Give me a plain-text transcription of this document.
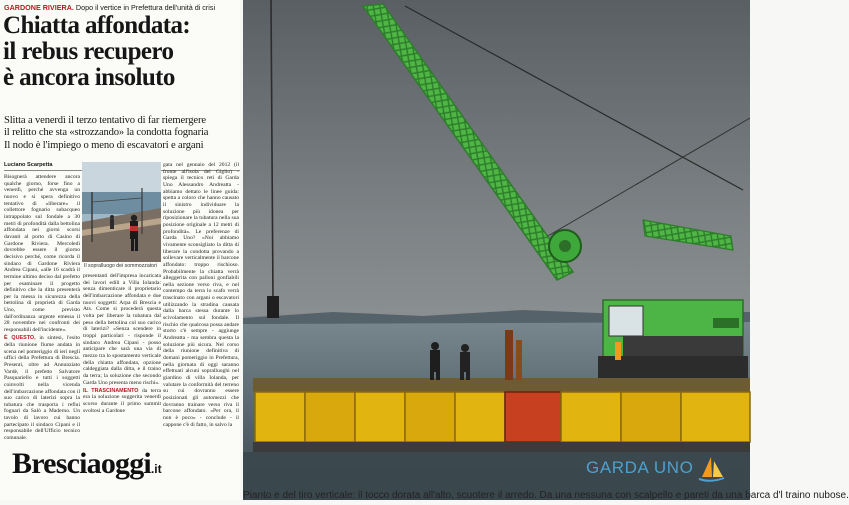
GARDONE RIVIERA. Dopo il vertice in Prefettura dell'unità di crisi
Chiatta affondata:
il rebus recupero
è ancora insoluto
Slitta a venerdì il terzo tentativo di far riemergere
il relitto che sta «strozzando» la condotta fognaria
Il nodo è l'impiego o meno di escavatori e argani
Luciano Scarpetta

Bisognerà attendere ancora qualche giorno, forse fino a venerdì, perché avvenga un nuovo e si spera definitivo tentativo di «liberare» il collettore fognario subacqueo intrappolato sul fondale a 30 metri di profondità dalla bettolina affondata nei giorni scorsi davanti al porto di Casino di Gardone Riviera. Mercoledì dovrebbe essere il giorno decisivo perché, come ricorda il sindaco di Gardone Riviera Andrea Cipani, «alle 16 scadrà il termine ultimo deciso dal prefetto per esaminare il progetto definitivo che la ditta presenterà per la messa in sicurezza della bettolina di proprietà di Garda Uno, come previsto dall'ordinanza urgente emessa il 28 novembre nei confronti dei responsabili dell'incidente».

È QUESTO, in sintesi, l'esito della riunione fiume andata in scena nel pomeriggio di ieri negli uffici della Prefettura di Brescia. Presenti, oltre ad Annunziato Vardè, il prefetto Salvatore Pasquariello e tutti i soggetti coinvolti nella vicenda dell'imbarcazione affondata con il suo carico di laterizi sopra la tubatura che trasporta i reflui fognari da Salò a Maderno. Un tavolo di lavoro cui hanno partecipato il sindaco Cipani e il responsabile dell'Ufficio tecnico comunale.

Il sopralluogo dei sommozzatori

presentanti dell'impresa incaricata dei lavori edili a Villa Iolanda: senza dimenticare il proprietario dell'imbarcazione affondata e due nuovi soggetti: Arpa di Brescia e Ats. Come si procederà questa volta per liberare la tubatura dal peso della bettolina col suo carico di laterizi? «Senza scendere in troppi particolari - risponde il sindaco Andrea Cipani - posso anticipare che sarà una via di mezzo tra lo spostamento verticale della chiatta affondata, opzione caldeggiata dalla ditta, e il traino da terra; la soluzione che secondo Garda Uno presenta meno rischi».

IL TRASCINAMENTO da terra era la soluzione suggerita venerdì scorso durante il primo summit svoltosi a Gardone

gata nel gennaio del 2012 (il fronte all'isola del Giglio) - spiega il tecnico reti di Garda Uno Alessandro Andreatta - abbiamo dettato le linee guida: spetta a coloro che hanno causato il sinistro individuare la soluzione più idonea per riposizionare la tubatura nella sua posizione originale a 12 metri di profondità». Le preferenze di Garda Uno? «Noi abbiamo vivamente sconsigliato la ditta di liberare la condotta provando a sollevare verticalmente il barcone affondato: troppo rischioso. Probabilmente la chiatta verrà alleggerita con palloni gonfiabili nella sezione verso riva, e nel contempo da terra lo scafo verrà trascinato con argani o escavatori utilizzando la stradina causata dalla barca stessa durante lo scivolamento sul fondale. Il rischio che qualcosa possa andare storto c'è sempre - aggiunge Andreatta - ma sembra questa la soluzione più sicura. Nel corso della riunione definitiva di domani pomeriggio in Prefettura, nella giornata di oggi saranno effettuati alcuni sopralluoghi nel giardino di villa Iolanda, per valutare la conformità del terreno su cui dovranno essere posizionati gli automezzi che dovranno trainare verso riva il barcone affondato. «Per ora, il non è poco» - conclude - il cappone c'è di fatto, in salvo la

Bresciaoggi.it	GARDA UNO
Pianto e del tiro verticale: il tocco dorata all'alto, scuotere il arredo. Da una nessuna con scalpello e pareti da una barca d'l traino nubose.
